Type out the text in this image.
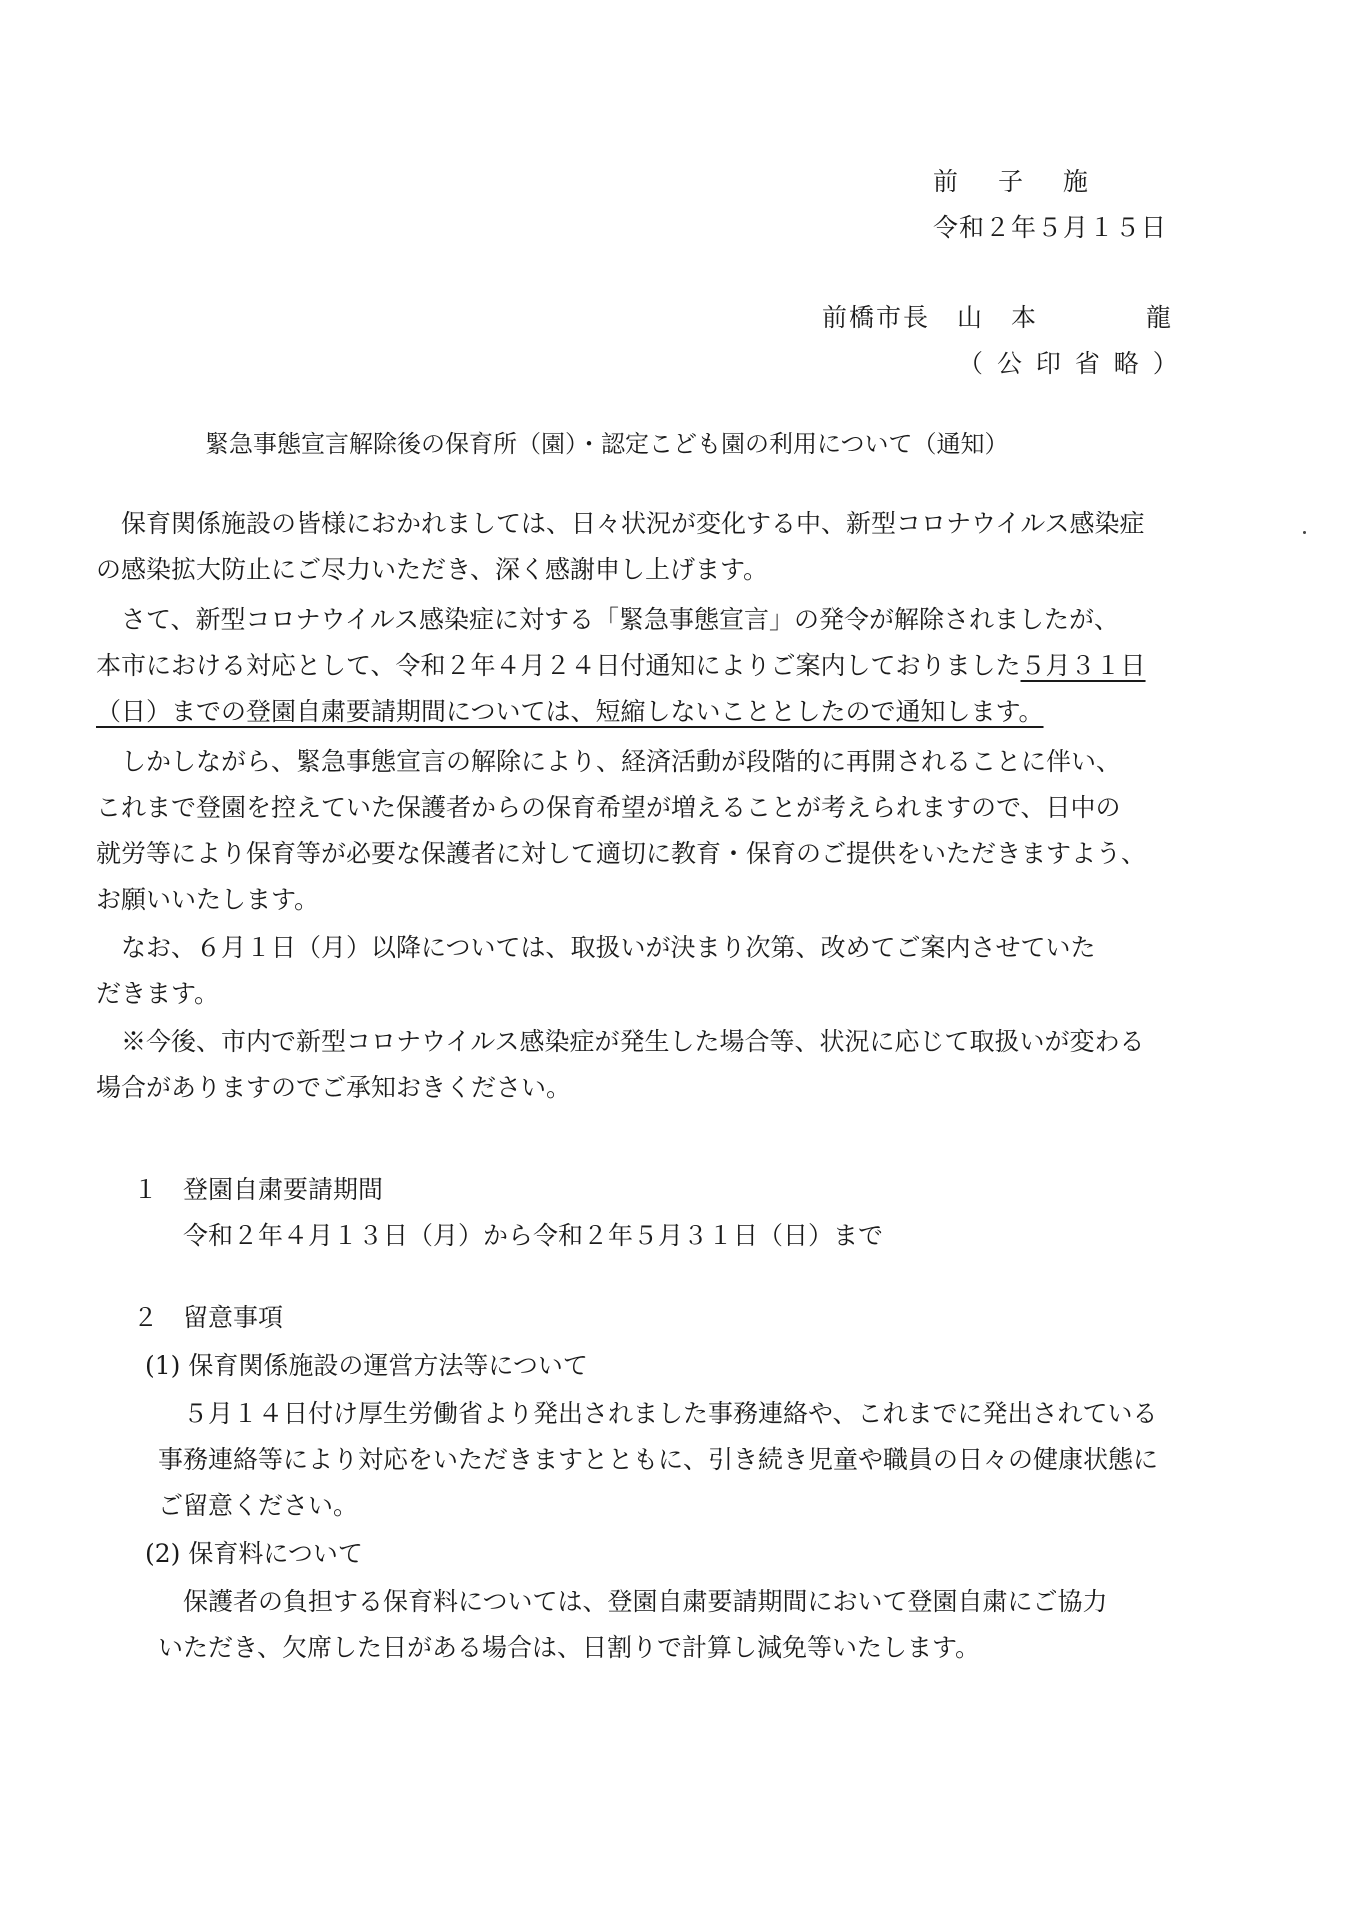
前 子 施
令和２年５月１５日
前橋市長　山　本　　　　龍
（ 公 印 省 略 ）
緊急事態宣言解除後の保育所（園）・認定こども園の利用について（通知）
　保育関係施設の皆様におかれましては、日々状況が変化する中、新型コロナウイルス感染症
の感染拡大防止にご尽力いただき、深く感謝申し上げます。
　さて、新型コロナウイルス感染症に対する「緊急事態宣言」の発令が解除されましたが、
本市における対応として、令和２年４月２４日付通知によりご案内しておりました５月３１日
（日）までの登園自粛要請期間については、短縮しないこととしたので通知します。
　しかしながら、緊急事態宣言の解除により、経済活動が段階的に再開されることに伴い、
これまで登園を控えていた保護者からの保育希望が増えることが考えられますので、日中の
就労等により保育等が必要な保護者に対して適切に教育・保育のご提供をいただきますよう、
お願いいたします。
　なお、６月１日（月）以降については、取扱いが決まり次第、改めてご案内させていた
だきます。
　※今後、市内で新型コロナウイルス感染症が発生した場合等、状況に応じて取扱いが変わる
場合がありますのでご承知おきください。
１　登園自粛要請期間
令和２年４月１３日（月）から令和２年５月３１日（日）まで
２　留意事項
(1) 保育関係施設の運営方法等について
５月１４日付け厚生労働省より発出されました事務連絡や、これまでに発出されている
事務連絡等により対応をいただきますとともに、引き続き児童や職員の日々の健康状態に
ご留意ください。
(2) 保育料について
保護者の負担する保育料については、登園自粛要請期間において登園自粛にご協力
いただき、欠席した日がある場合は、日割りで計算し減免等いたします。
